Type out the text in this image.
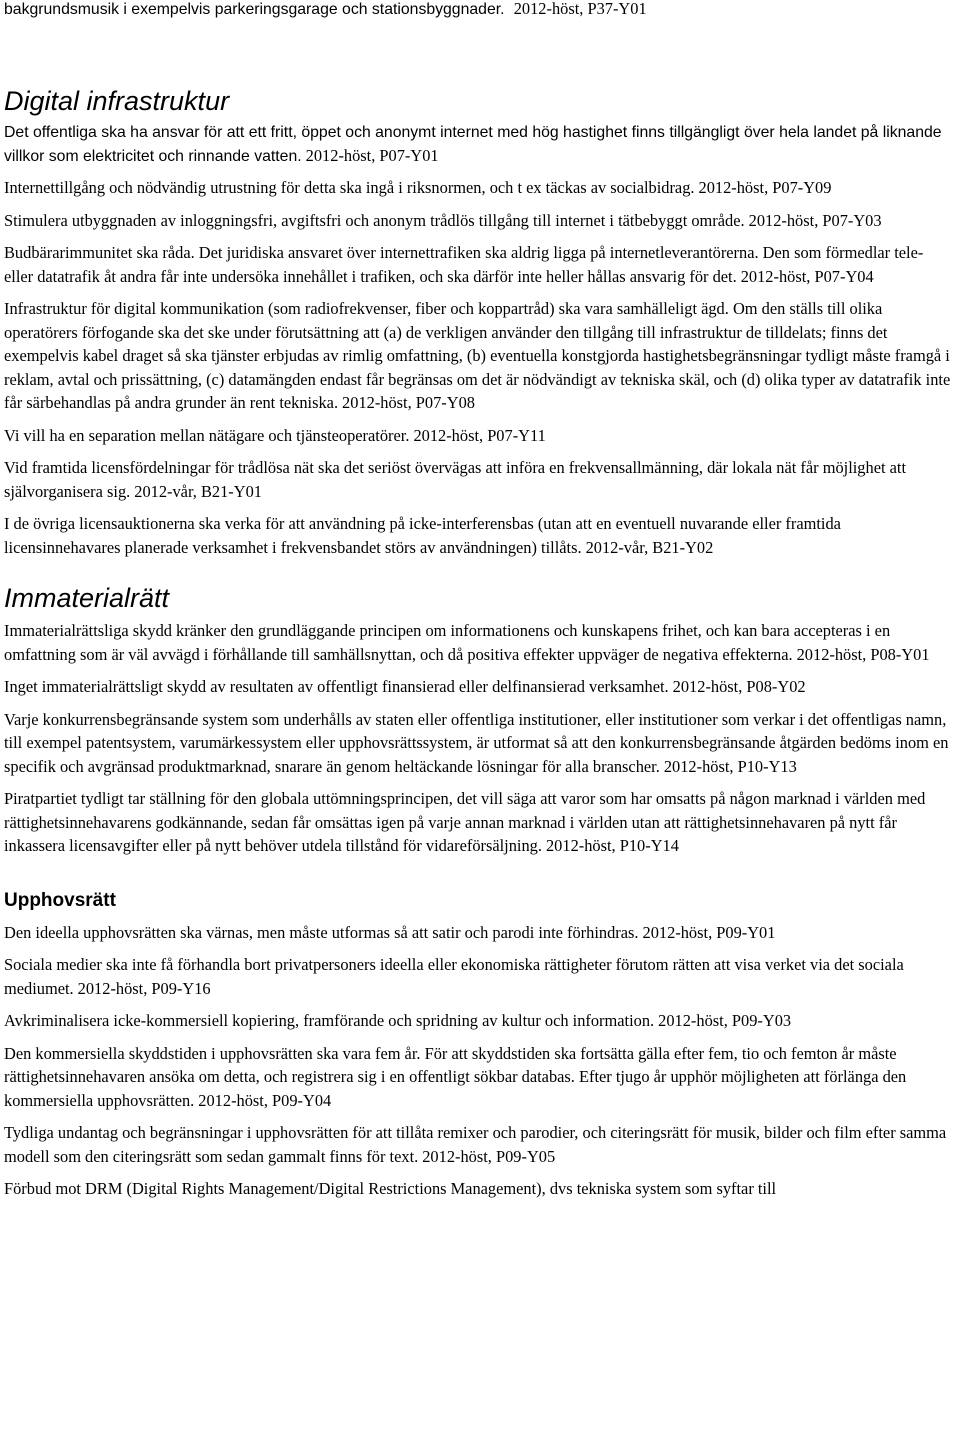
bakgrundsmusik i exempelvis parkeringsgarage och stationsbyggnader. 2012-höst, P37-Y01

Digital infrastruktur

Det offentliga ska ha ansvar för att ett fritt, öppet och anonymt internet med hög hastighet finns tillgängligt över hela landet på liknande villkor som elektricitet och rinnande vatten. 2012-höst, P07-Y01

Internettillgång och nödvändig utrustning för detta ska ingå i riksnormen, och t ex täckas av socialbidrag. 2012-höst, P07-Y09

Stimulera utbyggnaden av inloggningsfri, avgiftsfri och anonym trådlös tillgång till internet i tätbebyggt område. 2012-höst, P07-Y03

Budbärarimmunitet ska råda. Det juridiska ansvaret över internettrafiken ska aldrig ligga på internetleverantörerna. Den som förmedlar tele- eller datatrafik åt andra får inte undersöka innehållet i trafiken, och ska därför inte heller hållas ansvarig för det. 2012-höst, P07-Y04

Infrastruktur för digital kommunikation (som radiofrekvenser, fiber och koppartråd) ska vara samhälleligt ägd. Om den ställs till olika operatörers förfogande ska det ske under förutsättning att (a) de verkligen använder den tillgång till infrastruktur de tilldelats; finns det exempelvis kabel draget så ska tjänster erbjudas av rimlig omfattning, (b) eventuella konstgjorda hastighetsbegränsningar tydligt måste framgå i reklam, avtal och prissättning, (c) datamängden endast får begränsas om det är nödvändigt av tekniska skäl, och (d) olika typer av datatrafik inte får särbehandlas på andra grunder än rent tekniska. 2012-höst, P07-Y08

Vi vill ha en separation mellan nätägare och tjänsteoperatörer. 2012-höst, P07-Y11

Vid framtida licensfördelningar för trådlösa nät ska det seriöst övervägas att införa en frekvensallmänning, där lokala nät får möjlighet att självorganisera sig. 2012-vår, B21-Y01

I de övriga licensauktionerna ska verka för att användning på icke-interferensbas (utan att en eventuell nuvarande eller framtida licensinnehavares planerade verksamhet i frekvensbandet störs av användningen) tillåts. 2012-vår, B21-Y02

Immaterialrätt

Immaterialrättsliga skydd kränker den grundläggande principen om informationens och kunskapens frihet, och kan bara accepteras i en omfattning som är väl avvägd i förhållande till samhällsnyttan, och då positiva effekter uppväger de negativa effekterna. 2012-höst, P08-Y01

Inget immaterialrättsligt skydd av resultaten av offentligt finansierad eller delfinansierad verksamhet. 2012-höst, P08-Y02

Varje konkurrensbegränsande system som underhålls av staten eller offentliga institutioner, eller institutioner som verkar i det offentligas namn, till exempel patentsystem, varumärkessystem eller upphovsrättssystem, är utformat så att den konkurrensbegränsande åtgärden bedöms inom en specifik och avgränsad produktmarknad, snarare än genom heltäckande lösningar för alla branscher. 2012-höst, P10-Y13

Piratpartiet tydligt tar ställning för den globala uttömningsprincipen, det vill säga att varor som har omsatts på någon marknad i världen med rättighetsinnehavarens godkännande, sedan får omsättas igen på varje annan marknad i världen utan att rättighetsinnehavaren på nytt får inkassera licensavgifter eller på nytt behöver utdela tillstånd för vidareförsäljning. 2012-höst, P10-Y14

Upphovsrätt

Den ideella upphovsrätten ska värnas, men måste utformas så att satir och parodi inte förhindras. 2012-höst, P09-Y01

Sociala medier ska inte få förhandla bort privatpersoners ideella eller ekonomiska rättigheter förutom rätten att visa verket via det sociala mediumet. 2012-höst, P09-Y16

Avkriminalisera icke-kommersiell kopiering, framförande och spridning av kultur och information. 2012-höst, P09-Y03

Den kommersiella skyddstiden i upphovsrätten ska vara fem år. För att skyddstiden ska fortsätta gälla efter fem, tio och femton år måste rättighetsinnehavaren ansöka om detta, och registrera sig i en offentligt sökbar databas. Efter tjugo år upphör möjligheten att förlänga den kommersiella upphovsrätten. 2012-höst, P09-Y04

Tydliga undantag och begränsningar i upphovsrätten för att tillåta remixer och parodier, och citeringsrätt för musik, bilder och film efter samma modell som den citeringsrätt som sedan gammalt finns för text. 2012-höst, P09-Y05

Förbud mot DRM (Digital Rights Management/Digital Restrictions Management), dvs tekniska system som syftar till
